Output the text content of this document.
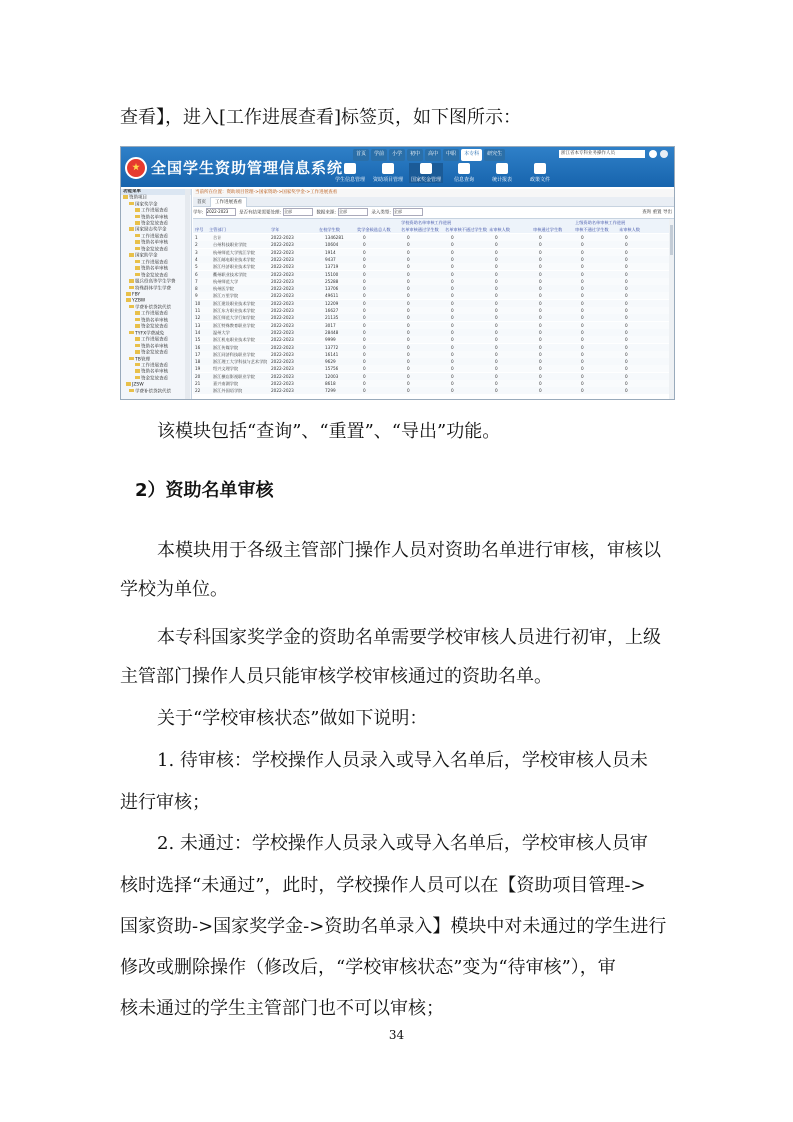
查看】，进入[工作进展查看]标签页，如下图所示：
全国学生资助管理信息系统
首页	学前	小学	初中	高中	中职	本专科	研究生	浙江省本专科业务操作人员
学生信息管理	资助项目管理	国家奖金管理	信息查询	统计报表	政策文件
功能菜单
资助项目
国家奖学金
工作进展查看
资助名单审核
资金发放查看
国家励志奖学金
工作进展查看
资助名单审核
资金发放查看
国家助学金
工作进展查看
资助名单审核
资金发放查看
服兵役高等学生学费
特殊群体学生学费
FBY
YZBW
学费补偿贷款代偿
工作进展查看
资助名单审核
资金发放查看
TYFX学费减免
工作进展查看
资助名单审核
资金发放查看
TB管理
工作进展查看
资助名单审核
资金发放查看
JZSW
学费补偿贷款代偿
当前所在位置：资助项目管理->国家资助->国家奖学金->工作进展查看
首页 工作进展查看
学年: 2022-2023 是否有结果需要处理: 全部	数据来源: 全部	录入类型: 全部	查询 重置 导出
学校资助名单审核工作进展	上级资助名单审核工作进展
序号 主管部门	学年	在校学生数	奖学金候选总人数 名单审核通过学生数 名单审核不通过学生数 未审核人数	审核通过学生数	审核不通过学生数 未审核人数
1	合计	2022-2023	1346281	0	0	0	0	0	0	0
2	台州科技职业学院	2022-2023	10604	0	0	0	0	0	0	0
3	杭州师范大学钱江学院	2022-2023	1914	0	0	0	0	0	0	0
4	浙江邮电职业技术学院	2022-2023	9437	0	0	0	0	0	0	0
5	浙江经济职业技术学院	2022-2023	13719	0	0	0	0	0	0	0
6	衢州职业技术学院	2022-2023	15100	0	0	0	0	0	0	0
7	杭州师范大学	2022-2023	25288	0	0	0	0	0	0	0
8	杭州医学院	2022-2023	13706	0	0	0	0	0	0	0
9	浙江万里学院	2022-2023	49611	0	0	0	0	0	0	0
10	浙江建设职业技术学院	2022-2023	12209	0	0	0	0	0	0	0
11	浙江东方职业技术学院	2022-2023	16627	0	0	0	0	0	0	0
12	浙江师范大学行知学院	2022-2023	21135	0	0	0	0	0	0	0
13	浙江特殊教育职业学院	2022-2023	3017	0	0	0	0	0	0	0
14	温州大学	2022-2023	28448	0	0	0	0	0	0	0
15	浙江机电职业技术学院	2022-2023	9999	0	0	0	0	0	0	0
16	浙江传媒学院	2022-2023	13772	0	0	0	0	0	0	0
17	浙江同济科技职业学院	2022-2023	16141	0	0	0	0	0	0	0
18	浙江理工大学科技与艺术学院 2022-2023	9629	0	0	0	0	0	0	0
19	绍兴文理学院	2022-2023	15756	0	0	0	0	0	0	0
20	浙江横店影视职业学院	2022-2023	12003	0	0	0	0	0	0	0
21	嘉兴南湖学院	2022-2023	8618	0	0	0	0	0	0	0
22	浙江外国语学院	2022-2023	7299	0	0	0	0	0	0	0
该模块包括“查询”、“重置”、“导出”功能。
2）资助名单审核
本模块用于各级主管部门操作人员对资助名单进行审核，审核以
学校为单位。
本专科国家奖学金的资助名单需要学校审核人员进行初审，上级
主管部门操作人员只能审核学校审核通过的资助名单。
关于“学校审核状态”做如下说明：
1. 待审核：学校操作人员录入或导入名单后，学校审核人员未
进行审核；
2. 未通过：学校操作人员录入或导入名单后，学校审核人员审
核时选择“未通过”，此时，学校操作人员可以在【资助项目管理->
国家资助->国家奖学金->资助名单录入】模块中对未通过的学生进行
修改或删除操作（修改后，“学校审核状态”变为“待审核”），审
核未通过的学生主管部门也不可以审核；
34
